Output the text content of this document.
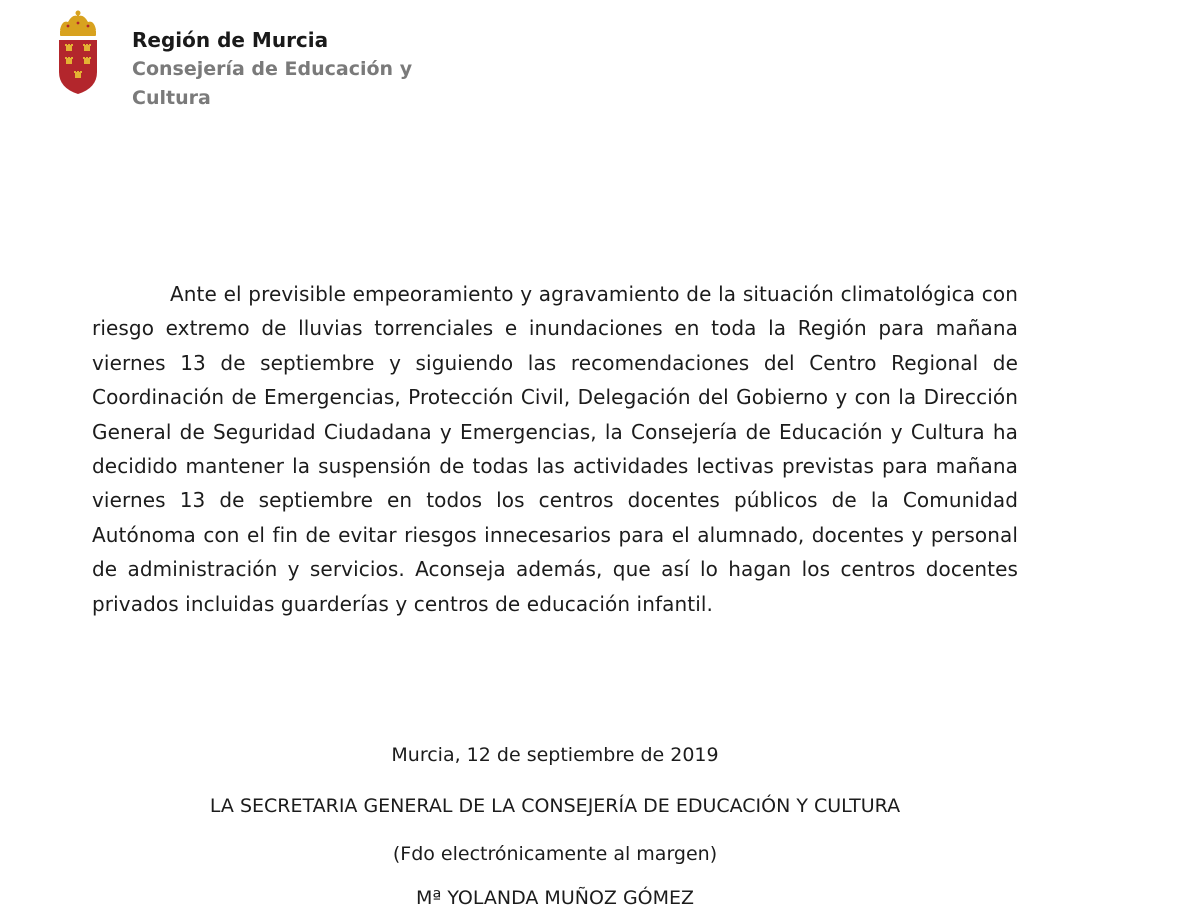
Región de Murcia
Consejería de Educación y Cultura

Ante el previsible empeoramiento y agravamiento de la situación climatológica con riesgo extremo de lluvias torrenciales e inundaciones en toda la Región para mañana viernes 13 de septiembre y siguiendo las recomendaciones del Centro Regional de Coordinación de Emergencias, Protección Civil, Delegación del Gobierno y con la Dirección General de Seguridad Ciudadana y Emergencias, la Consejería de Educación y Cultura ha decidido mantener la suspensión de todas las actividades lectivas previstas para mañana viernes 13 de septiembre en todos los centros docentes públicos de la Comunidad Autónoma con el fin de evitar riesgos innecesarios para el alumnado, docentes y personal de administración y servicios. Aconseja además, que así lo hagan los centros docentes privados incluidas guarderías y centros de educación infantil.

Murcia, 12 de septiembre de 2019
LA SECRETARIA GENERAL DE LA CONSEJERÍA DE EDUCACIÓN Y CULTURA
(Fdo electrónicamente al margen)
Mª YOLANDA MUÑOZ GÓMEZ
